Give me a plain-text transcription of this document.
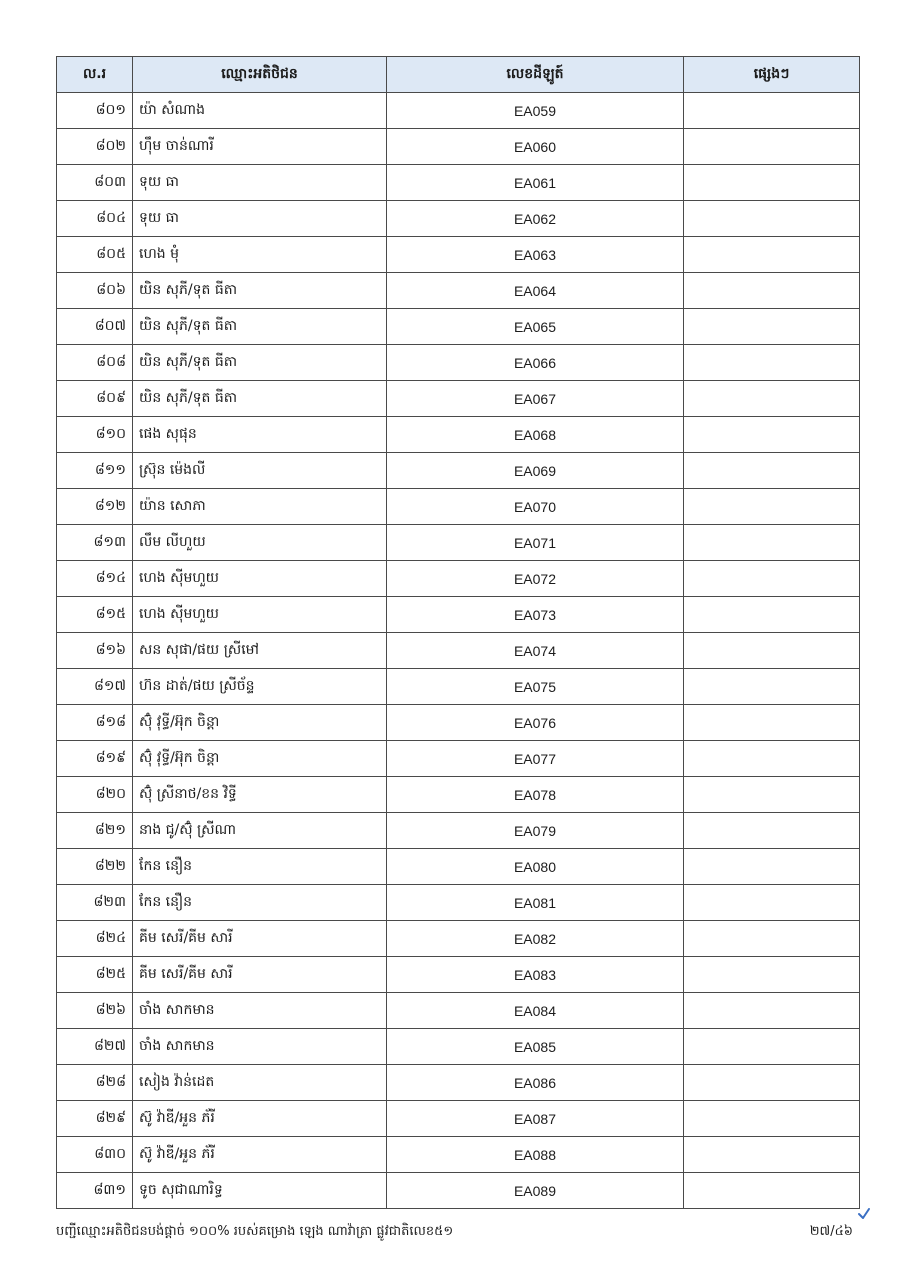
ល.រ	ឈ្មោះអតិថិជន	លេខដីឡូត៍	ផ្សេងៗ
៨០១	យ៉ា សំណាង	EA059	
៨០២	ហ៊ឹម ចាន់ណារី	EA060	
៨០៣	ទុយ ធា	EA061	
៨០៤	ទុយ ធា	EA062	
៨០៥	ហេង មុំ	EA063	
៨០៦	យិន សុភី/ទុត ធីតា	EA064	
៨០៧	យិន សុភី/ទុត ធីតា	EA065	
៨០៨	យិន សុភី/ទុត ធីតា	EA066	
៨០៩	យិន សុភី/ទុត ធីតា	EA067	
៨១០	ផេង សុផុន	EA068	
៨១១	ស្រ៊ុន ម៉េងលី	EA069	
៨១២	យ៉ាន សោភា	EA070	
៨១៣	លឹម លីហួយ	EA071	
៨១៤	ហេង ស៊ីមហួយ	EA072	
៨១៥	ហេង ស៊ីមហួយ	EA073	
៨១៦	សន សុផា/ផយ ស្រីមៅ	EA074	
៨១៧	ហ៊ន ដាត់/ផយ ស្រីច័ន្ទ	EA075	
៨១៨	ស៊ុំ វុទ្ធី/អ៊ុក ចិន្តា	EA076	
៨១៩	ស៊ុំ វុទ្ធី/អ៊ុក ចិន្តា	EA077	
៨២០	ស៊ុំ ស្រីនាថ/ខន វិទ្ធី	EA078	
៨២១	នាង ជូ/ស៊ុំ ស្រីណា	EA079	
៨២២	កែន នឿន	EA080	
៨២៣	កែន នឿន	EA081	
៨២៤	គីម សេរី/គីម សារី	EA082	
៨២៥	គីម សេរី/គីម សារី	EA083	
៨២៦	ចាំង សាកមាន	EA084	
៨២៧	ចាំង សាកមាន	EA085	
៨២៨	សៀង វ៉ាន់ដេត	EA086	
៨២៩	ស៊ូ វ៉ាឌី/អួន ភ័រី	EA087	
៨៣០	ស៊ូ វ៉ាឌី/អួន ភ័រី	EA088	
៨៣១	ទូច សុជាណារិទ្ធ	EA089	
បញ្ជីឈ្មោះអតិថិជនបង់ផ្តាច់ ១០០% របស់គម្រោង ឡេង ណាវ៉ាត្រា ផ្លូវជាតិលេខ៥១	២៧/៤៦
